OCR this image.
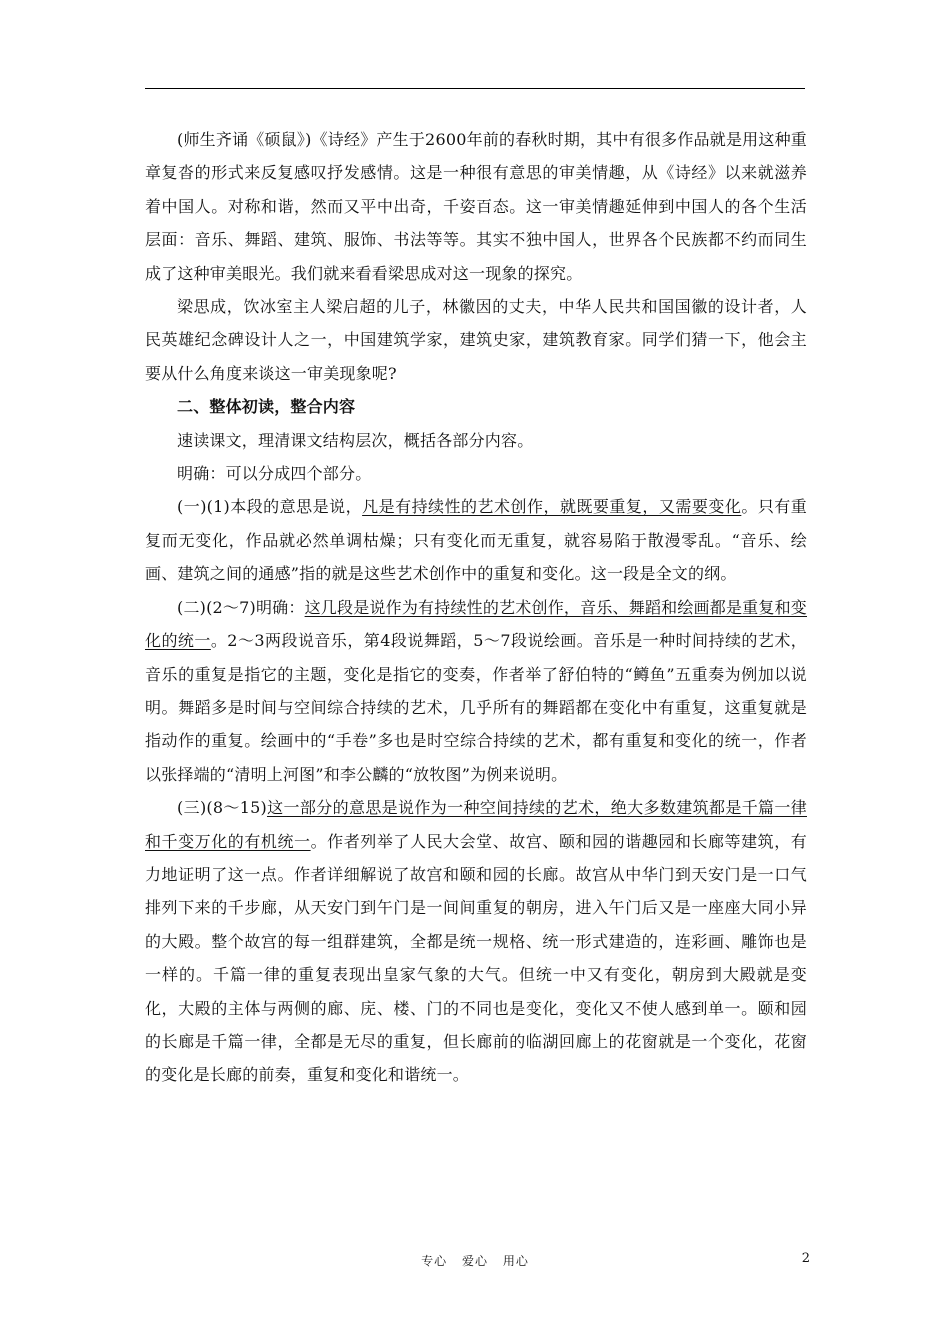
(师生齐诵《硕鼠》)《诗经》产生于2600年前的春秋时期，其中有很多作品就是用这种重章复沓的形式来反复感叹抒发感情。这是一种很有意思的审美情趣，从《诗经》以来就滋养着中国人。对称和谐，然而又平中出奇，千姿百态。这一审美情趣延伸到中国人的各个生活层面：音乐、舞蹈、建筑、服饰、书法等等。其实不独中国人，世界各个民族都不约而同生成了这种审美眼光。我们就来看看梁思成对这一现象的探究。

梁思成，饮冰室主人梁启超的儿子，林徽因的丈夫，中华人民共和国国徽的设计者，人民英雄纪念碑设计人之一，中国建筑学家，建筑史家，建筑教育家。同学们猜一下，他会主要从什么角度来谈这一审美现象呢?

二、整体初读，整合内容

速读课文，理清课文结构层次，概括各部分内容。

明确：可以分成四个部分。

(一)(1)本段的意思是说，凡是有持续性的艺术创作，就既要重复，又需要变化。只有重复而无变化，作品就必然单调枯燥；只有变化而无重复，就容易陷于散漫零乱。“音乐、绘画、建筑之间的通感”指的就是这些艺术创作中的重复和变化。这一段是全文的纲。

(二)(2～7)明确：这几段是说作为有持续性的艺术创作，音乐、舞蹈和绘画都是重复和变化的统一。2～3两段说音乐，第4段说舞蹈，5～7段说绘画。音乐是一种时间持续的艺术，音乐的重复是指它的主题，变化是指它的变奏，作者举了舒伯特的“鳟鱼”五重奏为例加以说明。舞蹈多是时间与空间综合持续的艺术，几乎所有的舞蹈都在变化中有重复，这重复就是指动作的重复。绘画中的“手卷”多也是时空综合持续的艺术，都有重复和变化的统一，作者以张择端的“清明上河图”和李公麟的“放牧图”为例来说明。

(三)(8～15)这一部分的意思是说作为一种空间持续的艺术，绝大多数建筑都是千篇一律和千变万化的有机统一。作者列举了人民大会堂、故宫、颐和园的谐趣园和长廊等建筑，有力地证明了这一点。作者详细解说了故宫和颐和园的长廊。故宫从中华门到天安门是一口气排列下来的千步廊，从天安门到午门是一间间重复的朝房，进入午门后又是一座座大同小异的大殿。整个故宫的每一组群建筑，全都是统一规格、统一形式建造的，连彩画、雕饰也是一样的。千篇一律的重复表现出皇家气象的大气。但统一中又有变化，朝房到大殿就是变化，大殿的主体与两侧的廊、庑、楼、门的不同也是变化，变化又不使人感到单一。颐和园的长廊是千篇一律，全都是无尽的重复，但长廊前的临湖回廊上的花窗就是一个变化，花窗的变化是长廊的前奏，重复和变化和谐统一。

专心 爱心 用心	2
